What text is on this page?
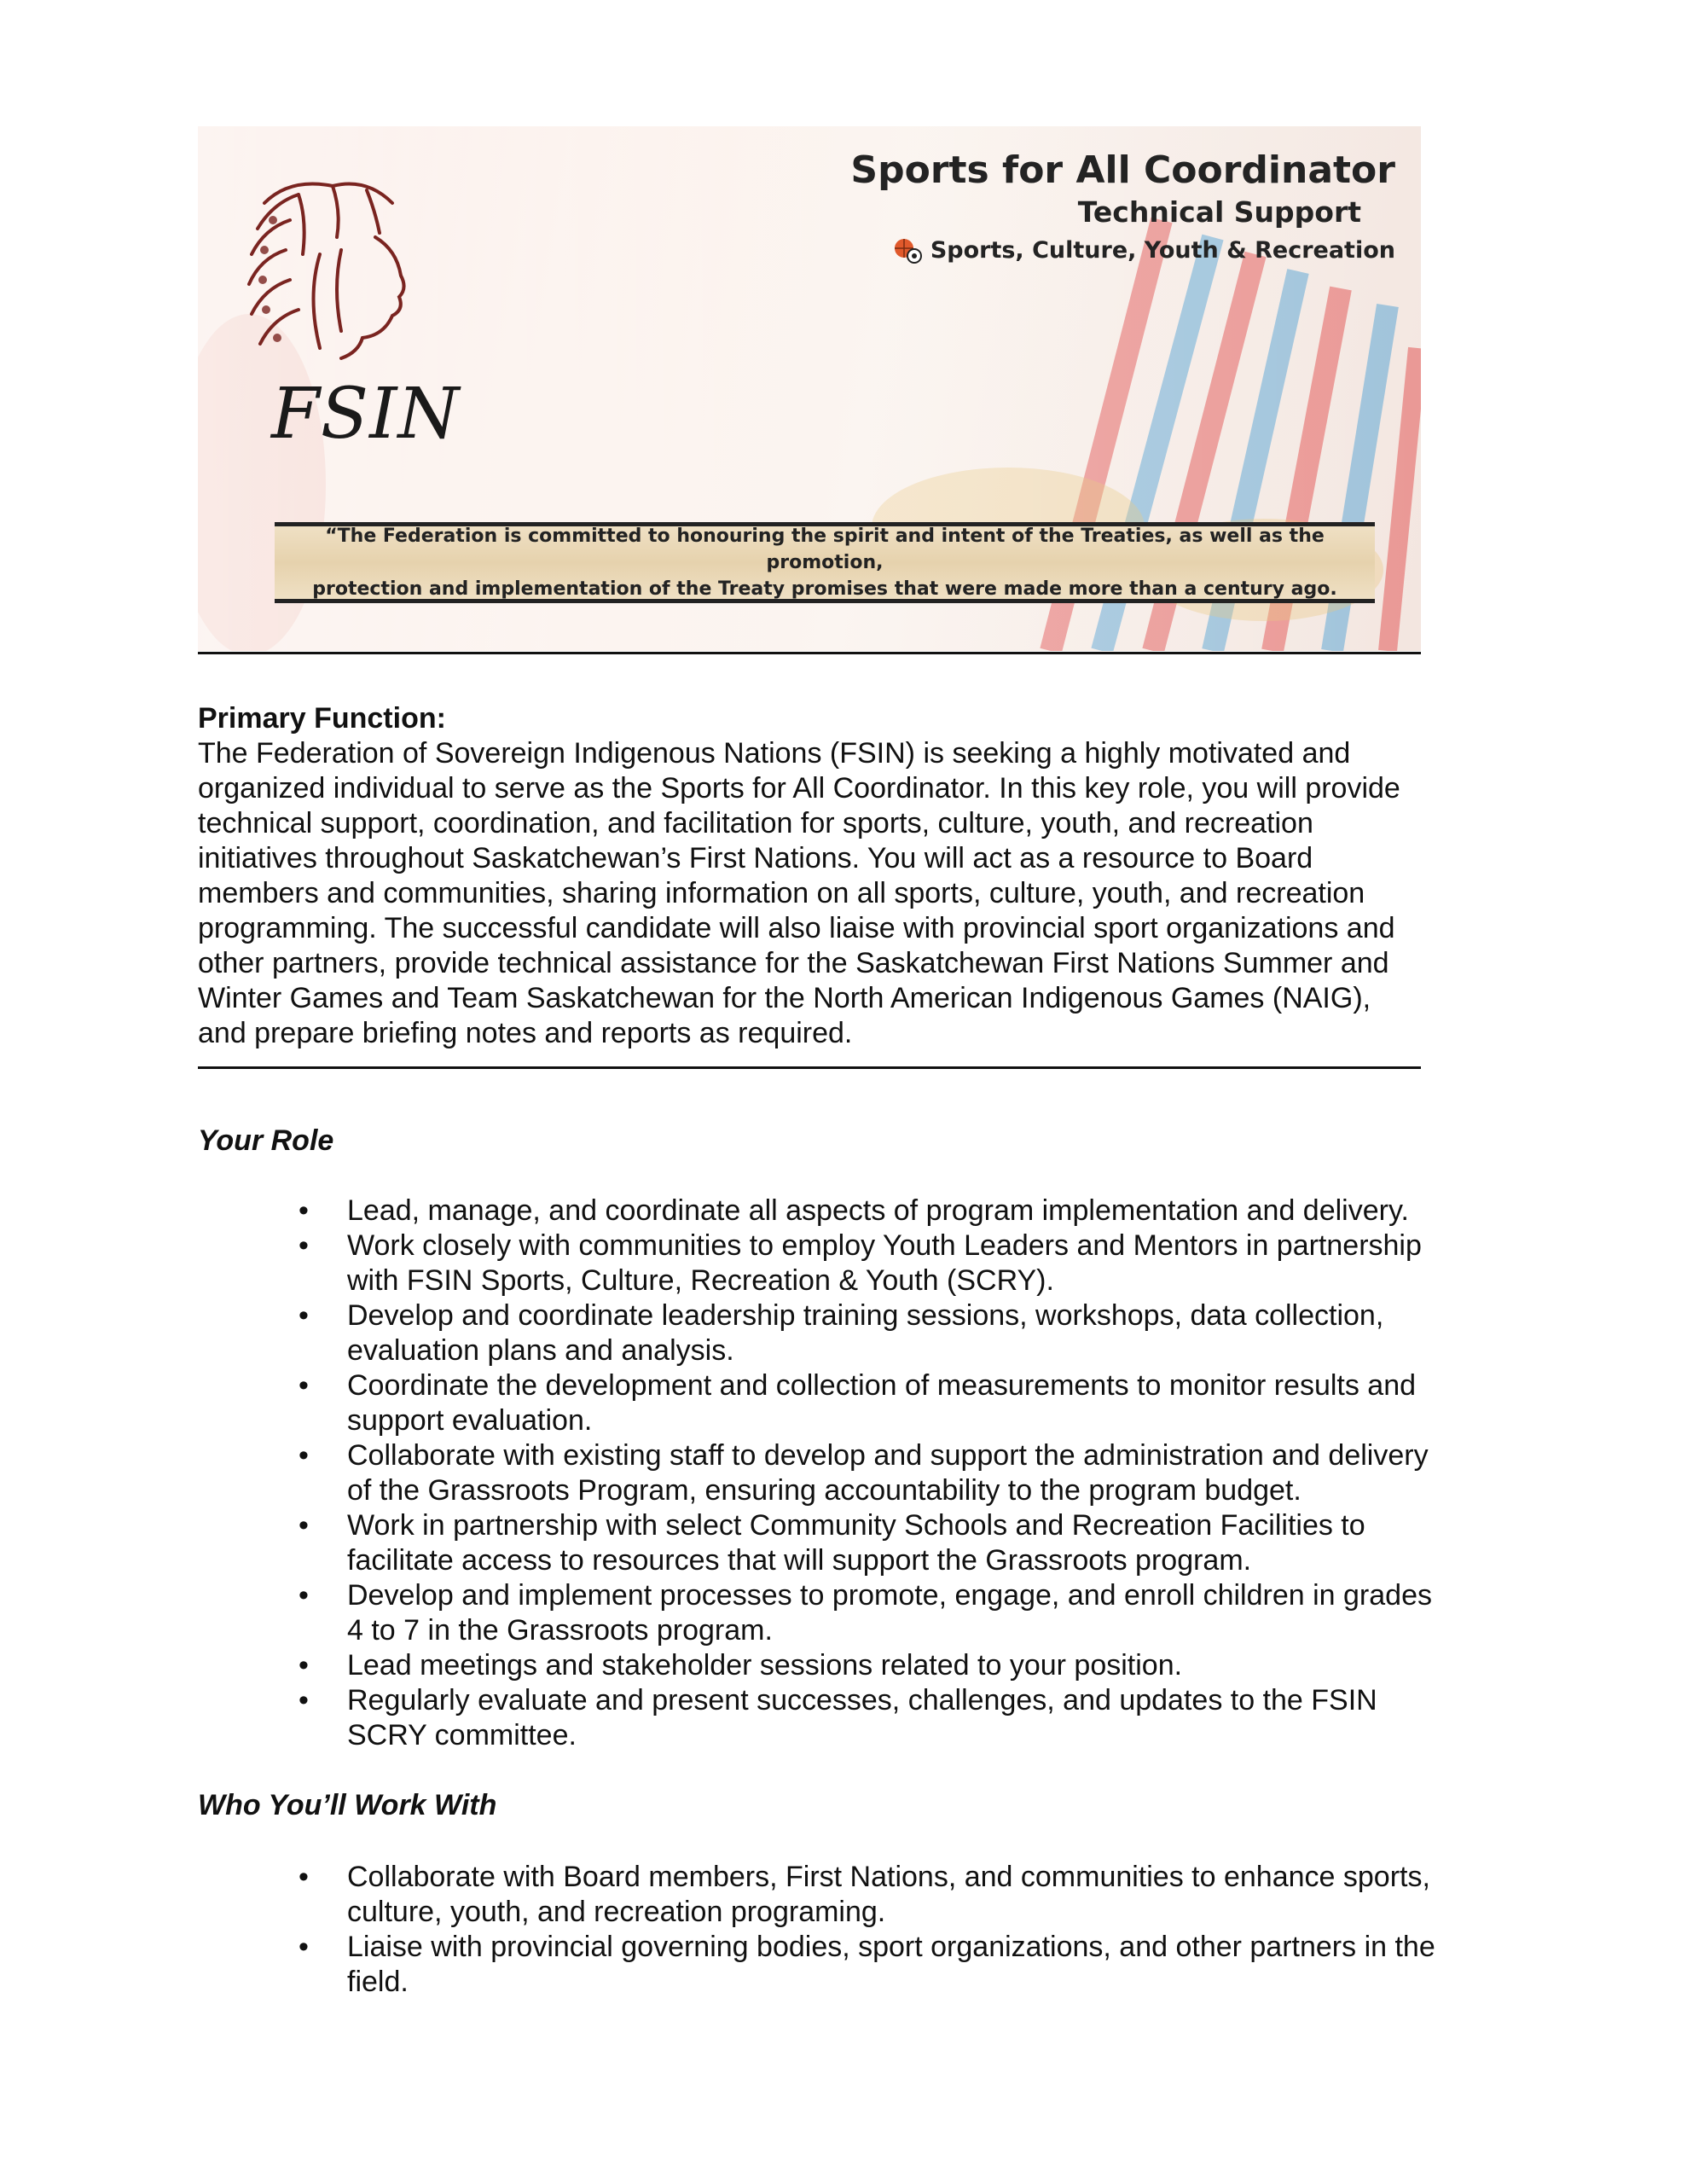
FSIN
Sports for All Coordinator
Technical Support
Sports, Culture, Youth & Recreation
“The Federation is committed to honouring the spirit and intent of the Treaties, as well as the promotion,
protection and implementation of the Treaty promises that were made more than a century ago.

Primary Function:

The Federation of Sovereign Indigenous Nations (FSIN) is seeking a highly motivated and
organized individual to serve as the Sports for All Coordinator. In this key role, you will provide
technical support, coordination, and facilitation for sports, culture, youth, and recreation
initiatives throughout Saskatchewan’s First Nations. You will act as a resource to Board
members and communities, sharing information on all sports, culture, youth, and recreation
programming. The successful candidate will also liaise with provincial sport organizations and
other partners, provide technical assistance for the Saskatchewan First Nations Summer and
Winter Games and Team Saskatchewan for the North American Indigenous Games (NAIG),
and prepare briefing notes and reports as required.

Your Role

• Lead, manage, and coordinate all aspects of program implementation and delivery.
• Work closely with communities to employ Youth Leaders and Mentors in partnership
with FSIN Sports, Culture, Recreation & Youth (SCRY).
• Develop and coordinate leadership training sessions, workshops, data collection,
evaluation plans and analysis.
• Coordinate the development and collection of measurements to monitor results and
support evaluation.
• Collaborate with existing staff to develop and support the administration and delivery
of the Grassroots Program, ensuring accountability to the program budget.
• Work in partnership with select Community Schools and Recreation Facilities to
facilitate access to resources that will support the Grassroots program.
• Develop and implement processes to promote, engage, and enroll children in grades
4 to 7 in the Grassroots program.
• Lead meetings and stakeholder sessions related to your position.
• Regularly evaluate and present successes, challenges, and updates to the FSIN
SCRY committee.

Who You’ll Work With

• Collaborate with Board members, First Nations, and communities to enhance sports,
culture, youth, and recreation programing.
• Liaise with provincial governing bodies, sport organizations, and other partners in the
field.
